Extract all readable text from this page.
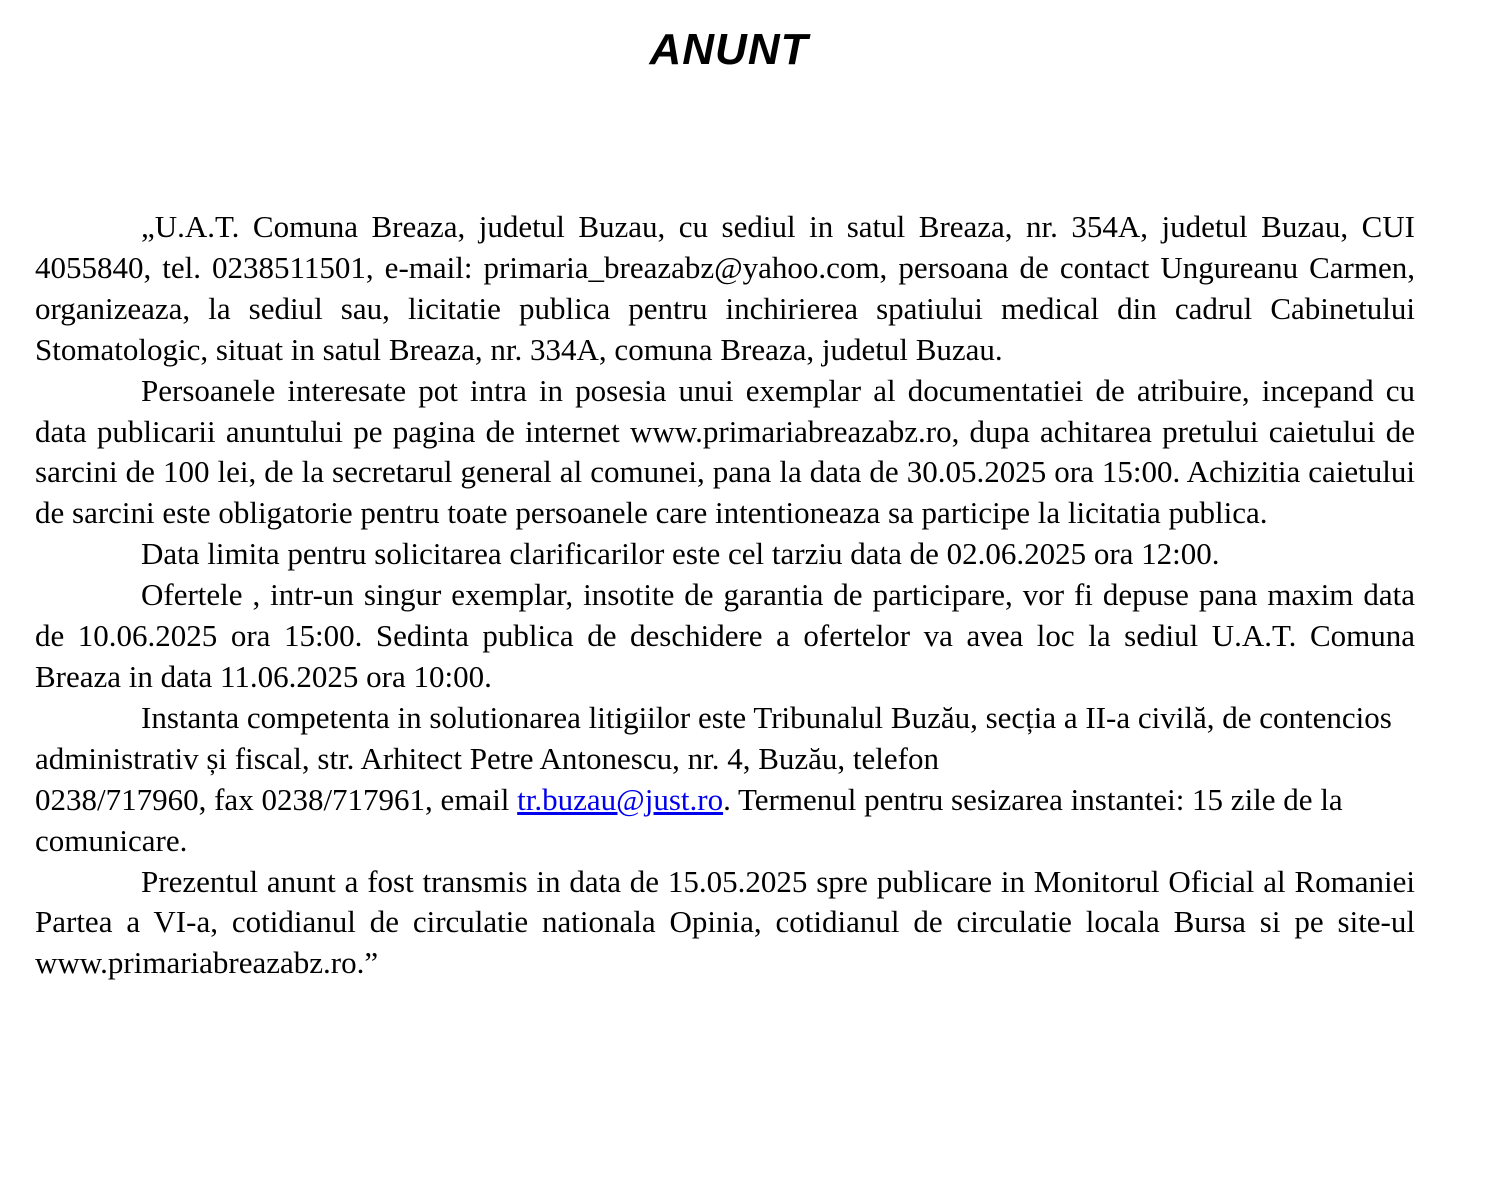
ANUNT

„U.A.T. Comuna Breaza, judetul Buzau, cu sediul in satul Breaza, nr. 354A, judetul Buzau, CUI 4055840, tel. 0238511501, e-mail: primaria_breazabz@yahoo.com, persoana de contact Ungureanu Carmen, organizeaza, la sediul sau, licitatie publica pentru inchirierea spatiului medical din cadrul Cabinetului Stomatologic, situat in satul Breaza, nr. 334A, comuna Breaza, judetul Buzau.

Persoanele interesate pot intra in posesia unui exemplar al documentatiei de atribuire, incepand cu data publicarii anuntului pe pagina de internet www.primariabreazabz.ro, dupa achitarea pretului caietului de sarcini de 100 lei, de la secretarul general al comunei, pana la data de 30.05.2025 ora 15:00. Achizitia caietului de sarcini este obligatorie pentru toate persoanele care intentioneaza sa participe la licitatia publica.

Data limita pentru solicitarea clarificarilor este cel tarziu data de 02.06.2025 ora 12:00.

Ofertele , intr-un singur exemplar, insotite de garantia de participare, vor fi depuse pana maxim data de 10.06.2025 ora 15:00. Sedinta publica de deschidere a ofertelor va avea loc la sediul U.A.T. Comuna Breaza in data 11.06.2025 ora 10:00.

Instanta competenta in solutionarea litigiilor este Tribunalul Buzău, secția a II-a civilă, de contencios administrativ și fiscal, str. Arhitect Petre Antonescu, nr. 4, Buzău, telefon
0238/717960, fax 0238/717961, email tr.buzau@just.ro. Termenul pentru sesizarea instantei: 15 zile de la comunicare.

Prezentul anunt a fost transmis in data de 15.05.2025 spre publicare in Monitorul Oficial al Romaniei Partea a VI-a, cotidianul de circulatie nationala Opinia, cotidianul de circulatie locala Bursa si pe site-ul www.primariabreazabz.ro.”
